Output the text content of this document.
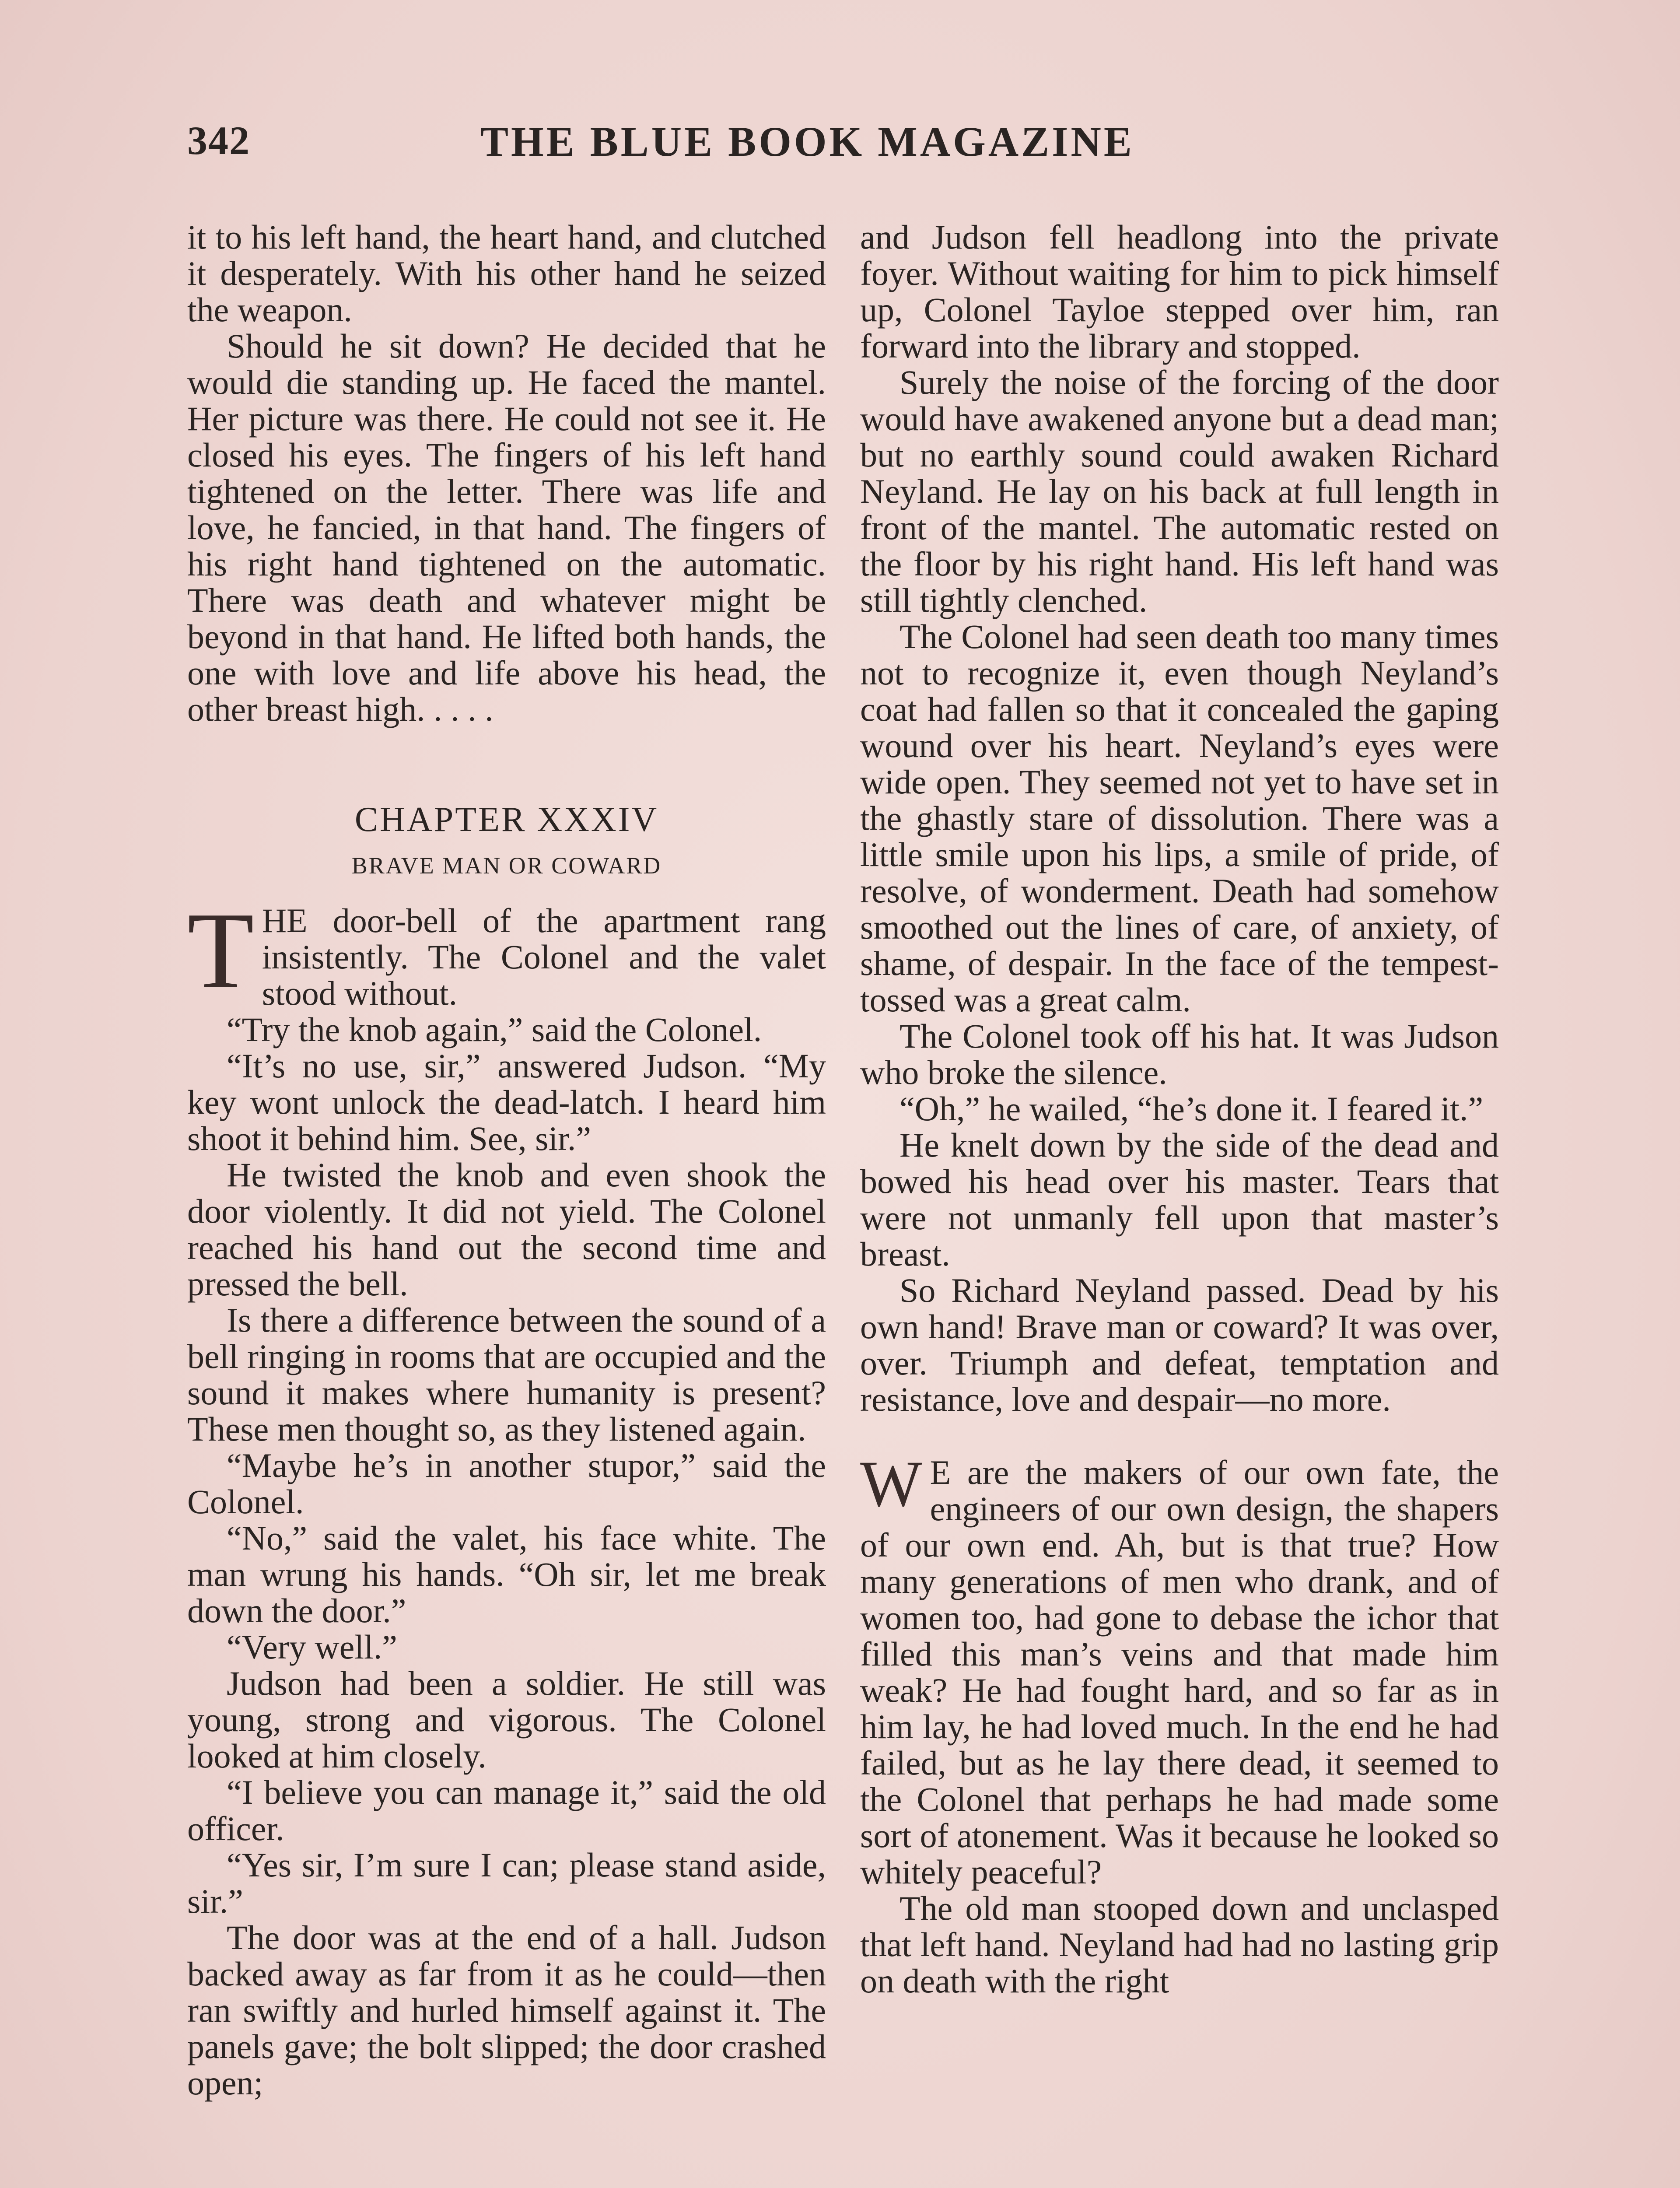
342	THE BLUE BOOK MAGAZINE

it to his left hand, the heart hand, and clutched it desperately. With his other hand he seized the weapon.

Should he sit down? He decided that he would die standing up. He faced the mantel. Her picture was there. He could not see it. He closed his eyes. The fingers of his left hand tightened on the letter. There was life and love, he fancied, in that hand. The fingers of his right hand tightened on the automatic. There was death and whatever might be beyond in that hand. He lifted both hands, the one with love and life above his head, the other breast high. . . . .

CHAPTER XXXIV
BRAVE MAN OR COWARD

THE door-bell of the apartment rang insistently. The Colonel and the valet stood without.

“Try the knob again,” said the Colonel.

“It’s no use, sir,” answered Judson. “My key wont unlock the dead-latch. I heard him shoot it behind him. See, sir.”

He twisted the knob and even shook the door violently. It did not yield. The Colonel reached his hand out the second time and pressed the bell.

Is there a difference between the sound of a bell ringing in rooms that are occupied and the sound it makes where humanity is present? These men thought so, as they listened again.

“Maybe he’s in another stupor,” said the Colonel.

“No,” said the valet, his face white. The man wrung his hands. “Oh sir, let me break down the door.”

“Very well.”

Judson had been a soldier. He still was young, strong and vigorous. The Colonel looked at him closely.

“I believe you can manage it,” said the old officer.

“Yes sir, I’m sure I can; please stand aside, sir.”

The door was at the end of a hall. Judson backed away as far from it as he could—then ran swiftly and hurled himself against it. The panels gave; the bolt slipped; the door crashed open;

and Judson fell headlong into the private foyer. Without waiting for him to pick himself up, Colonel Tayloe stepped over him, ran forward into the library and stopped.

Surely the noise of the forcing of the door would have awakened anyone but a dead man; but no earthly sound could awaken Richard Neyland. He lay on his back at full length in front of the mantel. The automatic rested on the floor by his right hand. His left hand was still tightly clenched.

The Colonel had seen death too many times not to recognize it, even though Neyland’s coat had fallen so that it concealed the gaping wound over his heart. Neyland’s eyes were wide open. They seemed not yet to have set in the ghastly stare of dissolution. There was a little smile upon his lips, a smile of pride, of resolve, of wonderment. Death had somehow smoothed out the lines of care, of anxiety, of shame, of despair. In the face of the tempest-tossed was a great calm.

The Colonel took off his hat. It was Judson who broke the silence.

“Oh,” he wailed, “he’s done it. I feared it.”

He knelt down by the side of the dead and bowed his head over his master. Tears that were not unmanly fell upon that master’s breast.

So Richard Neyland passed. Dead by his own hand! Brave man or coward? It was over, over. Triumph and defeat, temptation and resistance, love and despair—no more.

W E are the makers of our own fate, the engineers of our own design, the shapers of our own end. Ah, but is that true? How many generations of men who drank, and of women too, had gone to debase the ichor that filled this man’s veins and that made him weak? He had fought hard, and so far as in him lay, he had loved much. In the end he had failed, but as he lay there dead, it seemed to the Colonel that perhaps he had made some sort of atonement. Was it because he looked so whitely peaceful?

The old man stooped down and unclasped that left hand. Neyland had had no lasting grip on death with the right
